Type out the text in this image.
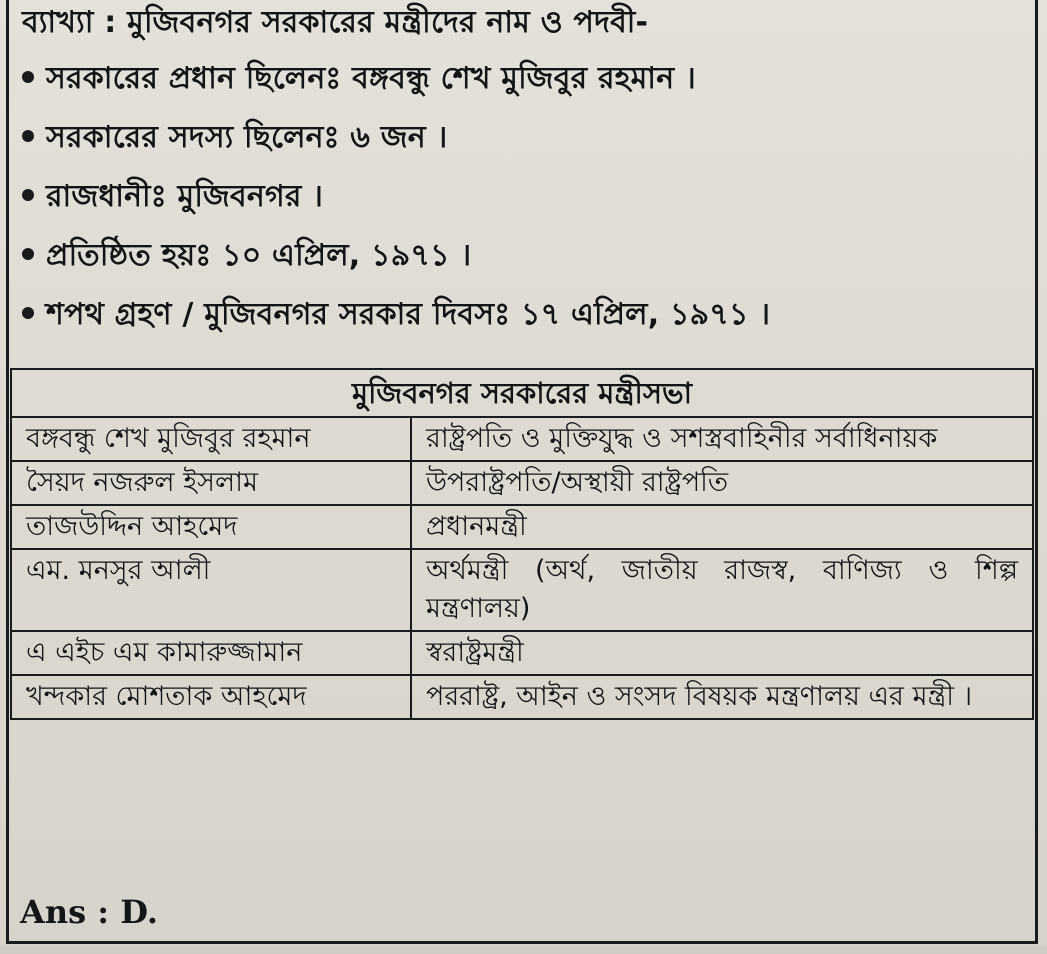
ব্যাখ্যা : মুজিবনগর সরকারের মন্ত্রীদের নাম ও পদবী-
সরকারের প্রধান ছিলেনঃ বঙ্গবন্ধু শেখ মুজিবুর রহমান ।
সরকারের সদস্য ছিলেনঃ ৬ জন ।
রাজধানীঃ মুজিবনগর ।
প্রতিষ্ঠিত হয়ঃ ১০ এপ্রিল, ১৯৭১ ।
শপথ গ্রহণ / মুজিবনগর সরকার দিবসঃ ১৭ এপ্রিল, ১৯৭১ ।
মুজিবনগর সরকারের মন্ত্রীসভা	
বঙ্গবন্ধু শেখ মুজিবুর রহমান	রাষ্ট্রপতি ও মুক্তিযুদ্ধ ও সশস্ত্রবাহিনীর সর্বাধিনায়ক
সৈয়দ নজরুল ইসলাম	উপরাষ্ট্রপতি/অস্থায়ী রাষ্ট্রপতি
তাজউদ্দিন আহমেদ	প্রধানমন্ত্রী
এম. মনসুর আলী	অর্থমন্ত্রী (অর্থ, জাতীয় রাজস্ব, বাণিজ্য ও শিল্প মন্ত্রণালয়)
এ এইচ এম কামারুজ্জামান	স্বরাষ্ট্রমন্ত্রী
খন্দকার মোশতাক আহমেদ	পররাষ্ট্র, আইন ও সংসদ বিষয়ক মন্ত্রণালয় এর মন্ত্রী ।
Ans : D.
